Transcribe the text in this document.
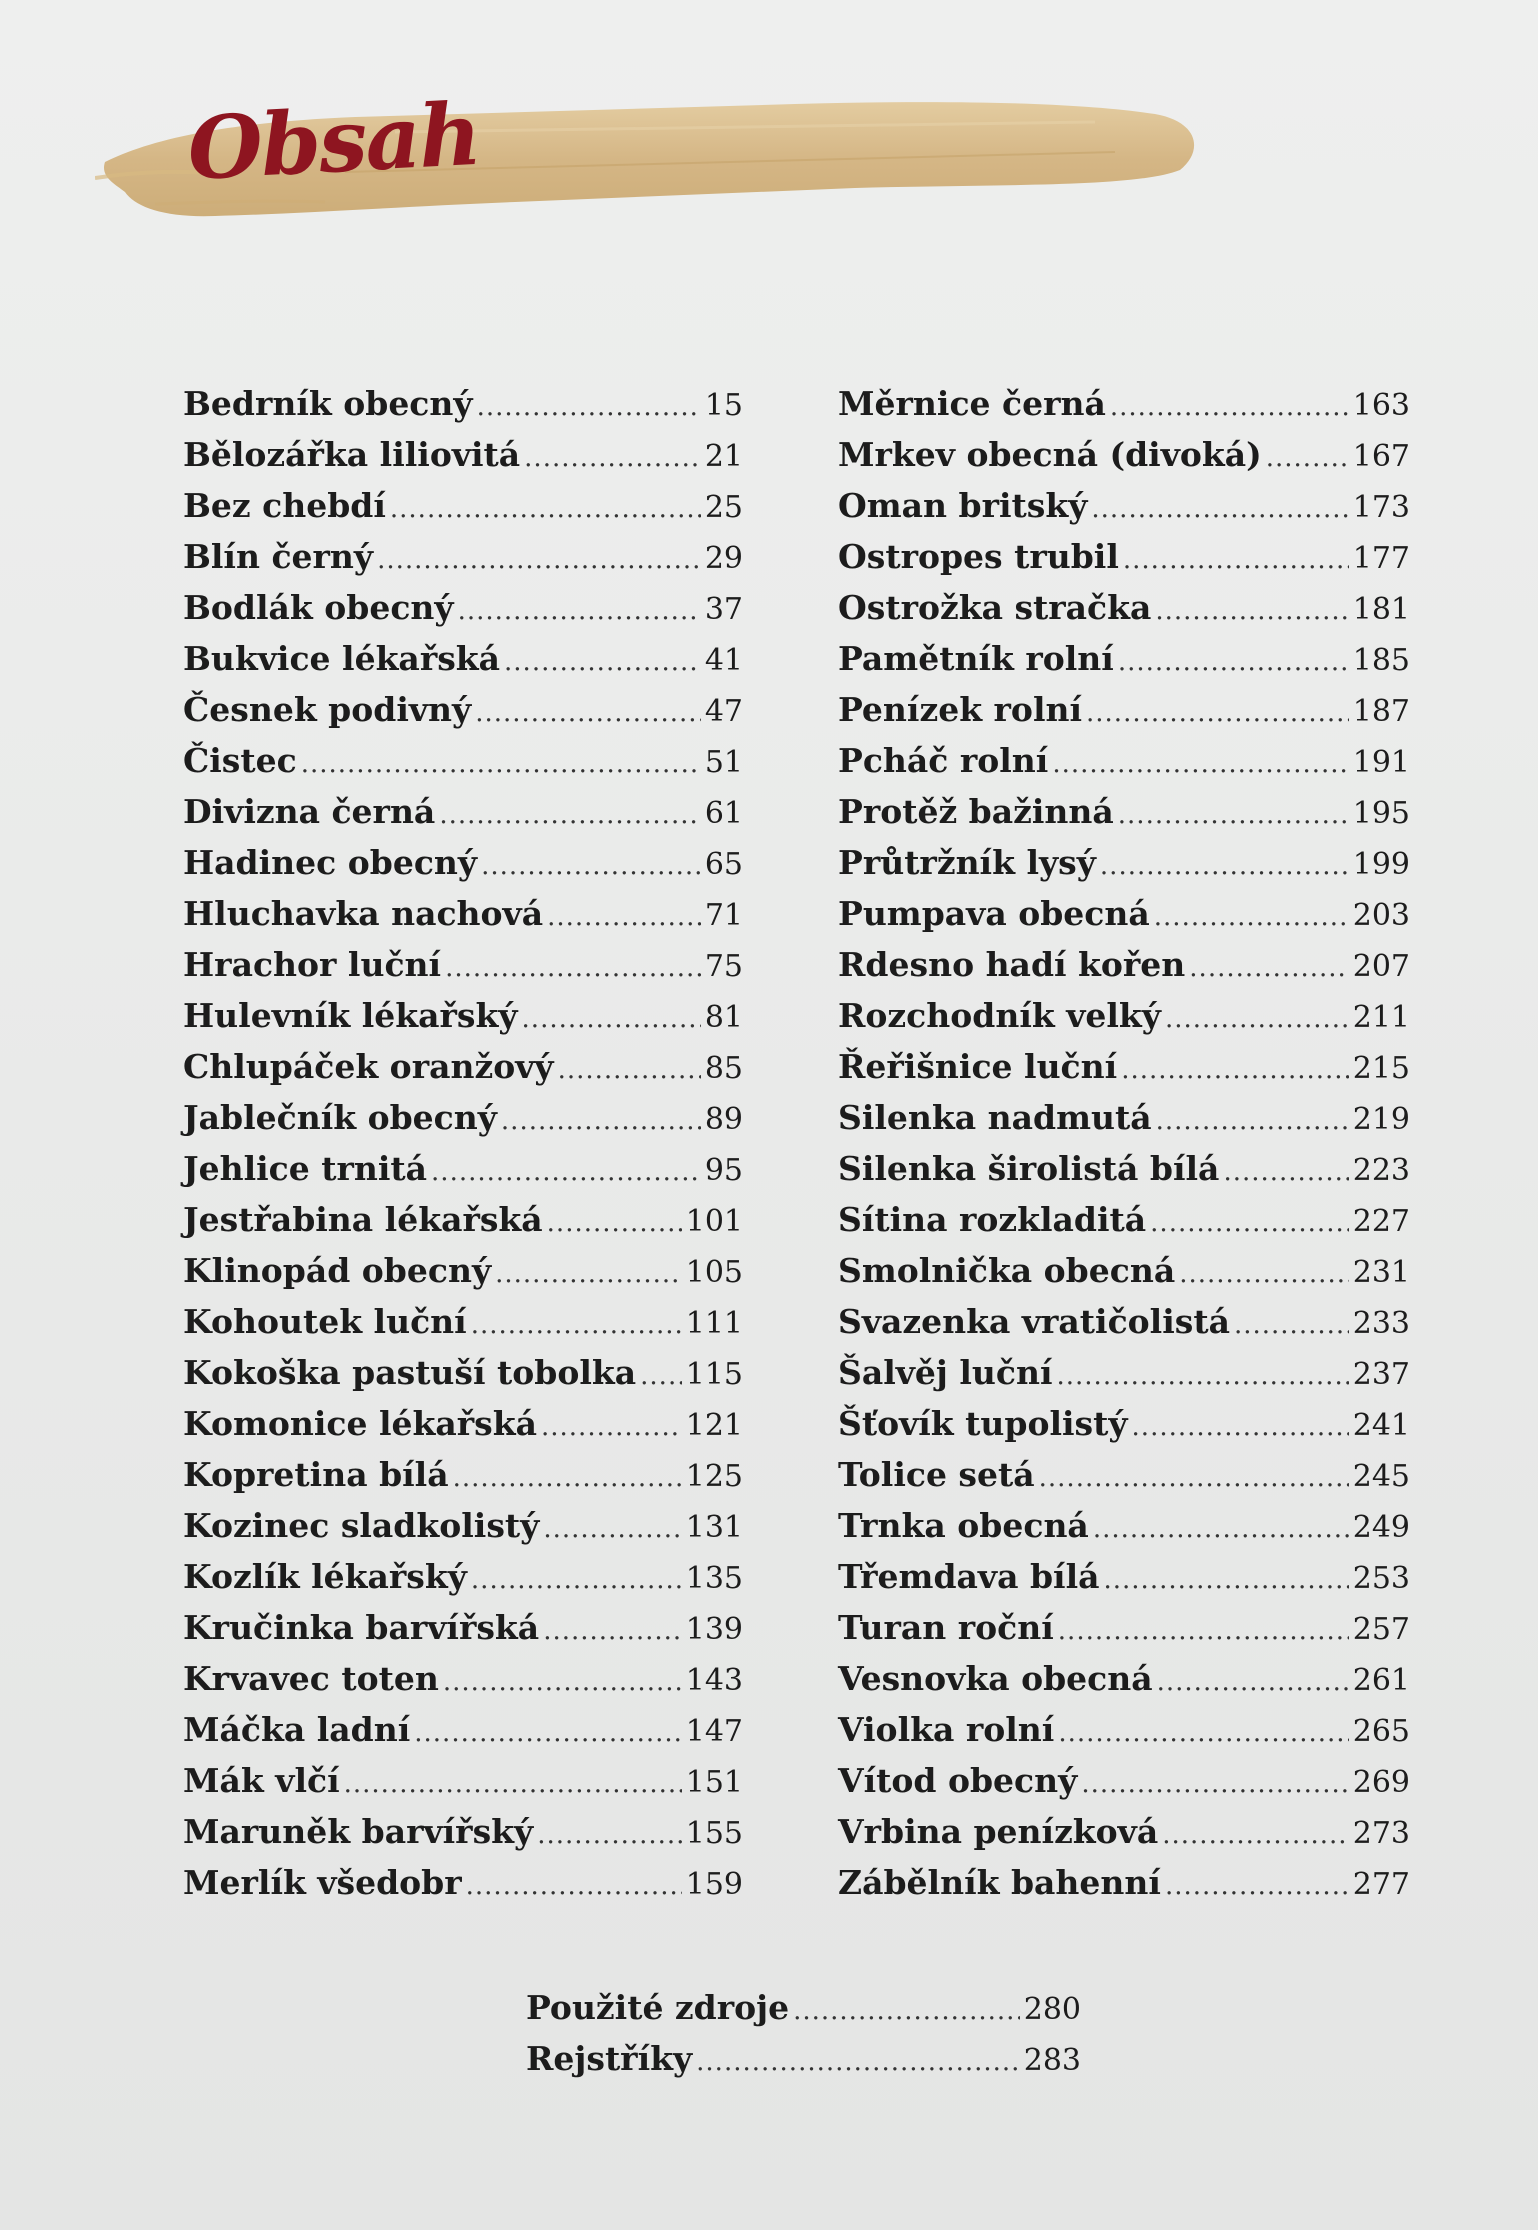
Obsah
Bedrník obecný .....	15
Bělozářka liliovitá .....	21
Bez chebdí .....	25
Blín černý .....	29
Bodlák obecný .....	37
Bukvice lékařská .....	41
Česnek podivný .....	47
Čistec .....	51
Divizna černá .....	61
Hadinec obecný .....	65
Hluchavka nachová .....	71
Hrachor luční .....	75
Hulevník lékařský .....	81
Chlupáček oranžový .....	85
Jablečník obecný .....	89
Jehlice trnitá .....	95
Jestřabina lékařská .....	101
Klinopád obecný .....	105
Kohoutek luční .....	111
Kokoška pastuší tobolka ..... 115
Komonice lékařská .....	121
Kopretina bílá .....	125
Kozinec sladkolistý .....	131
Kozlík lékařský .....	135
Kručinka barvířská .....	139
Krvavec toten .....	143
Máčka ladní .....	147
Mák vlčí .....	151
Maruněk barvířský .....	155
Merlík všedobr .....	159
Měrnice černá .....	163
Mrkev obecná (divoká) .....	167
Oman britský .....	173
Ostropes trubil .....	177
Ostrožka stračka .....	181
Pamětník rolní .....	185
Penízek rolní .....	187
Pcháč rolní .....	191
Protěž bažinná .....	195
Průtržník lysý .....	199
Pumpava obecná .....	203
Rdesno hadí kořen .....	207
Rozchodník velký .....	211
Řeřišnice luční .....	215
Silenka nadmutá .....	219
Silenka širolistá bílá .....	223
Sítina rozkladitá .....	227
Smolnička obecná .....	231
Svazenka vratičolistá .....	233
Šalvěj luční .....	237
Šťovík tupolistý .....	241
Tolice setá .....	245
Trnka obecná .....	249
Třemdava bílá .....	253
Turan roční .....	257
Vesnovka obecná .....	261
Violka rolní .....	265
Vítod obecný .....	269
Vrbina penízková .....	273
Zábělník bahenní .....	277
Použité zdroje .....	280
Rejstříky .....	283
